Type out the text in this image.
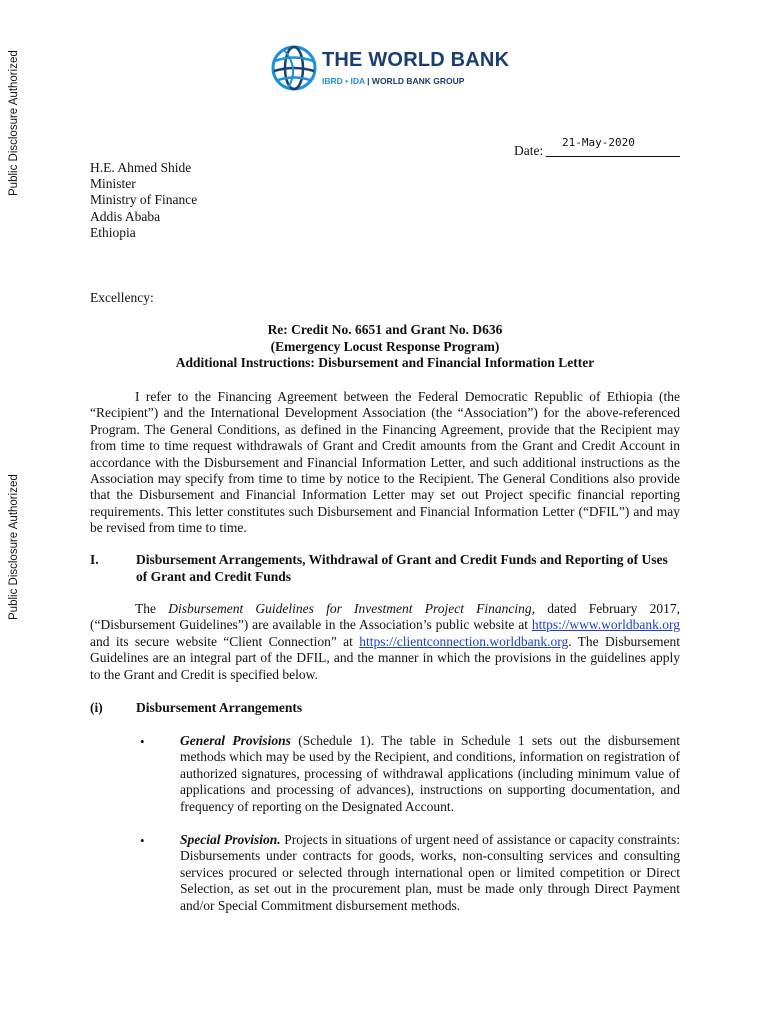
Public Disclosure Authorized
Public Disclosure Authorized
THE WORLD BANK
IBRD • IDA | WORLD BANK GROUP
21-May-2020
Date:
H.E. Ahmed Shide
Minister
Ministry of Finance
Addis Ababa
Ethiopia
Excellency:
Re: Credit No. 6651 and Grant No. D636
(Emergency Locust Response Program)
Additional Instructions: Disbursement and Financial Information Letter
I refer to the Financing Agreement between the Federal Democratic Republic of Ethiopia (the “Recipient”) and the International Development Association (the “Association”) for the above-referenced Program. The General Conditions, as defined in the Financing Agreement, provide that the Recipient may from time to time request withdrawals of Grant and Credit amounts from the Grant and Credit Account in accordance with the Disbursement and Financial Information Letter, and such additional instructions as the Association may specify from time to time by notice to the Recipient. The General Conditions also provide that the Disbursement and Financial Information Letter may set out Project specific financial reporting requirements. This letter constitutes such Disbursement and Financial Information Letter (“DFIL”) and may be revised from time to time.
I.	Disbursement Arrangements, Withdrawal of Grant and Credit Funds and Reporting of Uses of Grant and Credit Funds
The Disbursement Guidelines for Investment Project Financing, dated February 2017, (“Disbursement Guidelines”) are available in the Association’s public website at https://www.worldbank.org and its secure website “Client Connection” at https://clientconnection.worldbank.org. The Disbursement Guidelines are an integral part of the DFIL, and the manner in which the provisions in the guidelines apply to the Grant and Credit is specified below.
(i) Disbursement Arrangements
•	General Provisions (Schedule 1). The table in Schedule 1 sets out the disbursement methods which may be used by the Recipient, and conditions, information on registration of authorized signatures, processing of withdrawal applications (including minimum value of applications and processing of advances), instructions on supporting documentation, and frequency of reporting on the Designated Account.
•	Special Provision. Projects in situations of urgent need of assistance or capacity constraints: Disbursements under contracts for goods, works, non-consulting services and consulting services procured or selected through international open or limited competition or Direct Selection, as set out in the procurement plan, must be made only through Direct Payment and/or Special Commitment disbursement methods.
